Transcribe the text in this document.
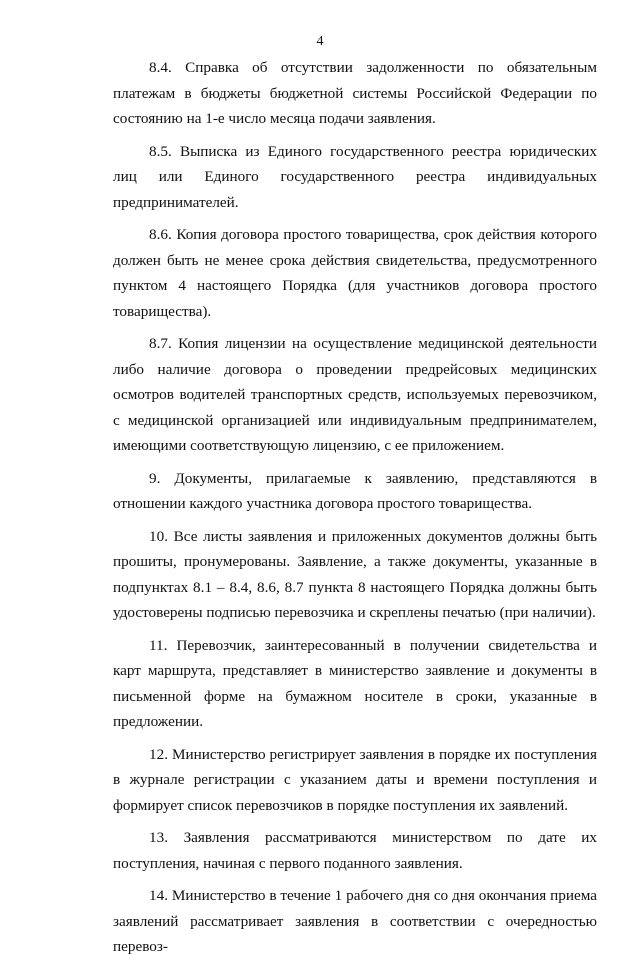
4

8.4. Справка об отсутствии задолженности по обязательным платежам в бюджеты бюджетной системы Российской Федерации по состоянию на 1-е число месяца подачи заявления.

8.5. Выписка из Единого государственного реестра юридических лиц или Единого государственного реестра индивидуальных предпринимателей.

8.6. Копия договора простого товарищества, срок действия которого должен быть не менее срока действия свидетельства, предусмотренного пунктом 4 настоящего Порядка (для участников договора простого товарищества).

8.7. Копия лицензии на осуществление медицинской деятельности либо наличие договора о проведении предрейсовых медицинских осмотров водителей транспортных средств, используемых перевозчиком, с медицинской организацией или индивидуальным предпринимателем, имеющими соответствующую лицензию, с ее приложением.

9. Документы, прилагаемые к заявлению, представляются в отношении каждого участника договора простого товарищества.

10. Все листы заявления и приложенных документов должны быть прошиты, пронумерованы. Заявление, а также документы, указанные в подпунктах 8.1 – 8.4, 8.6, 8.7 пункта 8 настоящего Порядка должны быть удостоверены подписью перевозчика и скреплены печатью (при наличии).

11. Перевозчик, заинтересованный в получении свидетельства и карт маршрута, представляет в министерство заявление и документы в письменной форме на бумажном носителе в сроки, указанные в предложении.

12. Министерство регистрирует заявления в порядке их поступления в журнале регистрации с указанием даты и времени поступления и формирует список перевозчиков в порядке поступления их заявлений.

13. Заявления рассматриваются министерством по дате их поступления, начиная с первого поданного заявления.

14. Министерство в течение 1 рабочего дня со дня окончания приема заявлений рассматривает заявления в соответствии с очередностью перевоз-
